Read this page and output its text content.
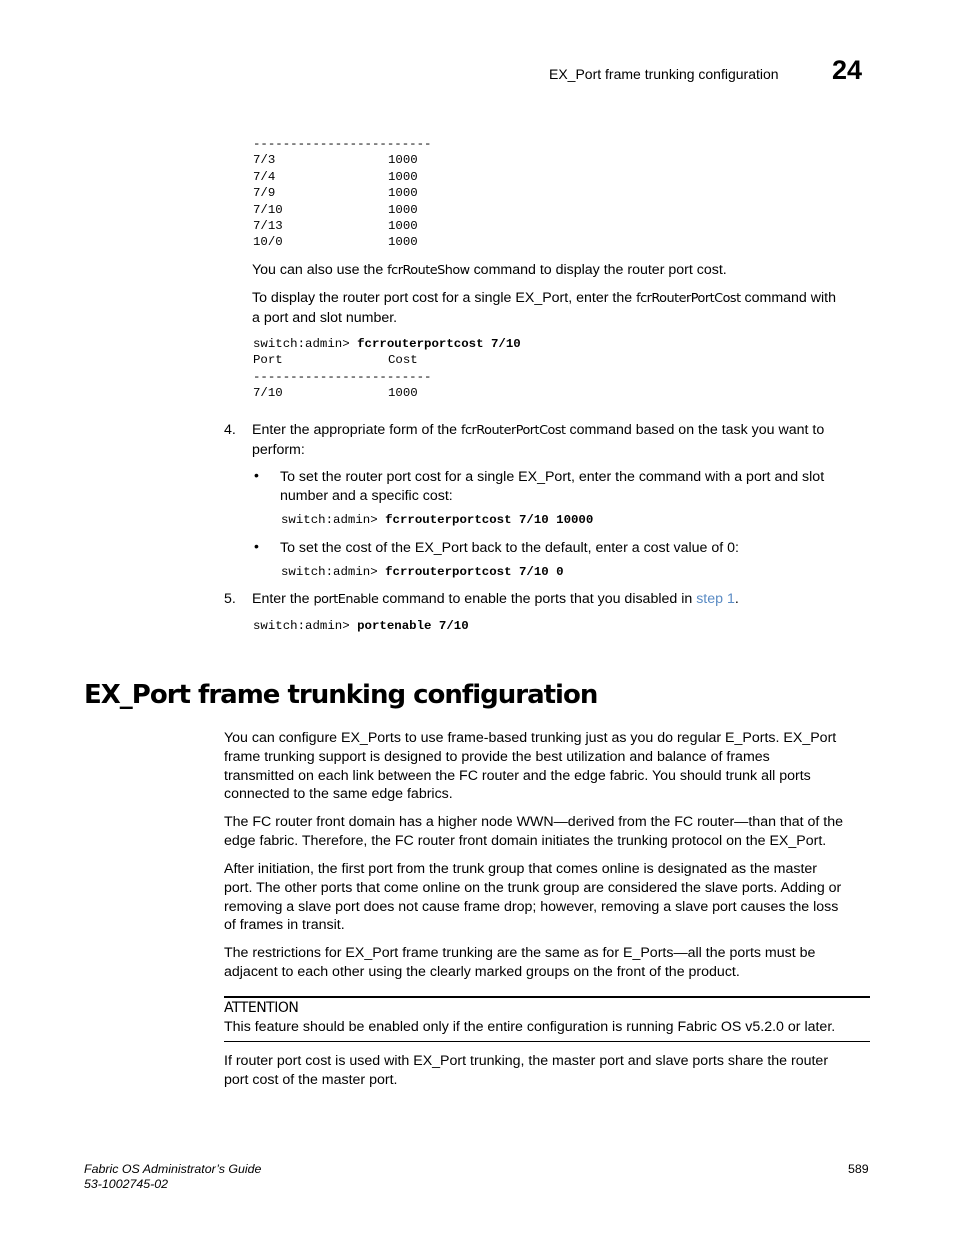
EX_Port frame trunking configuration 24
------------------------
7/3	1000
7/4	1000
7/9	1000
7/10	1000
7/13	1000
10/0	1000
You can also use the fcrRouteShow command to display the router port cost.
To display the router port cost for a single EX_Port, enter the fcrRouterPortCost command with
a port and slot number.
switch:admin> fcrrouterportcost 7/10
Port	Cost
------------------------
7/10	1000
4. Enter the appropriate form of the fcrRouterPortCost command based on the task you want to
perform:
• To set the router port cost for a single EX_Port, enter the command with a port and slot
number and a specific cost:
switch:admin> fcrrouterportcost 7/10 10000
• To set the cost of the EX_Port back to the default, enter a cost value of 0:
switch:admin> fcrrouterportcost 7/10 0
5. Enter the portEnable command to enable the ports that you disabled in step 1.
switch:admin> portenable 7/10
EX_Port frame trunking configuration
You can configure EX_Ports to use frame-based trunking just as you do regular E_Ports. EX_Port
frame trunking support is designed to provide the best utilization and balance of frames
transmitted on each link between the FC router and the edge fabric. You should trunk all ports
connected to the same edge fabrics.
The FC router front domain has a higher node WWN—derived from the FC router—than that of the
edge fabric. Therefore, the FC router front domain initiates the trunking protocol on the EX_Port.
After initiation, the first port from the trunk group that comes online is designated as the master
port. The other ports that come online on the trunk group are considered the slave ports. Adding or
removing a slave port does not cause frame drop; however, removing a slave port causes the loss
of frames in transit.
The restrictions for EX_Port frame trunking are the same as for E_Ports—all the ports must be
adjacent to each other using the clearly marked groups on the front of the product.
ATTENTION
This feature should be enabled only if the entire configuration is running Fabric OS v5.2.0 or later.
If router port cost is used with EX_Port trunking, the master port and slave ports share the router
port cost of the master port.
Fabric OS Administrator’s Guide
53-1002745-02
589
